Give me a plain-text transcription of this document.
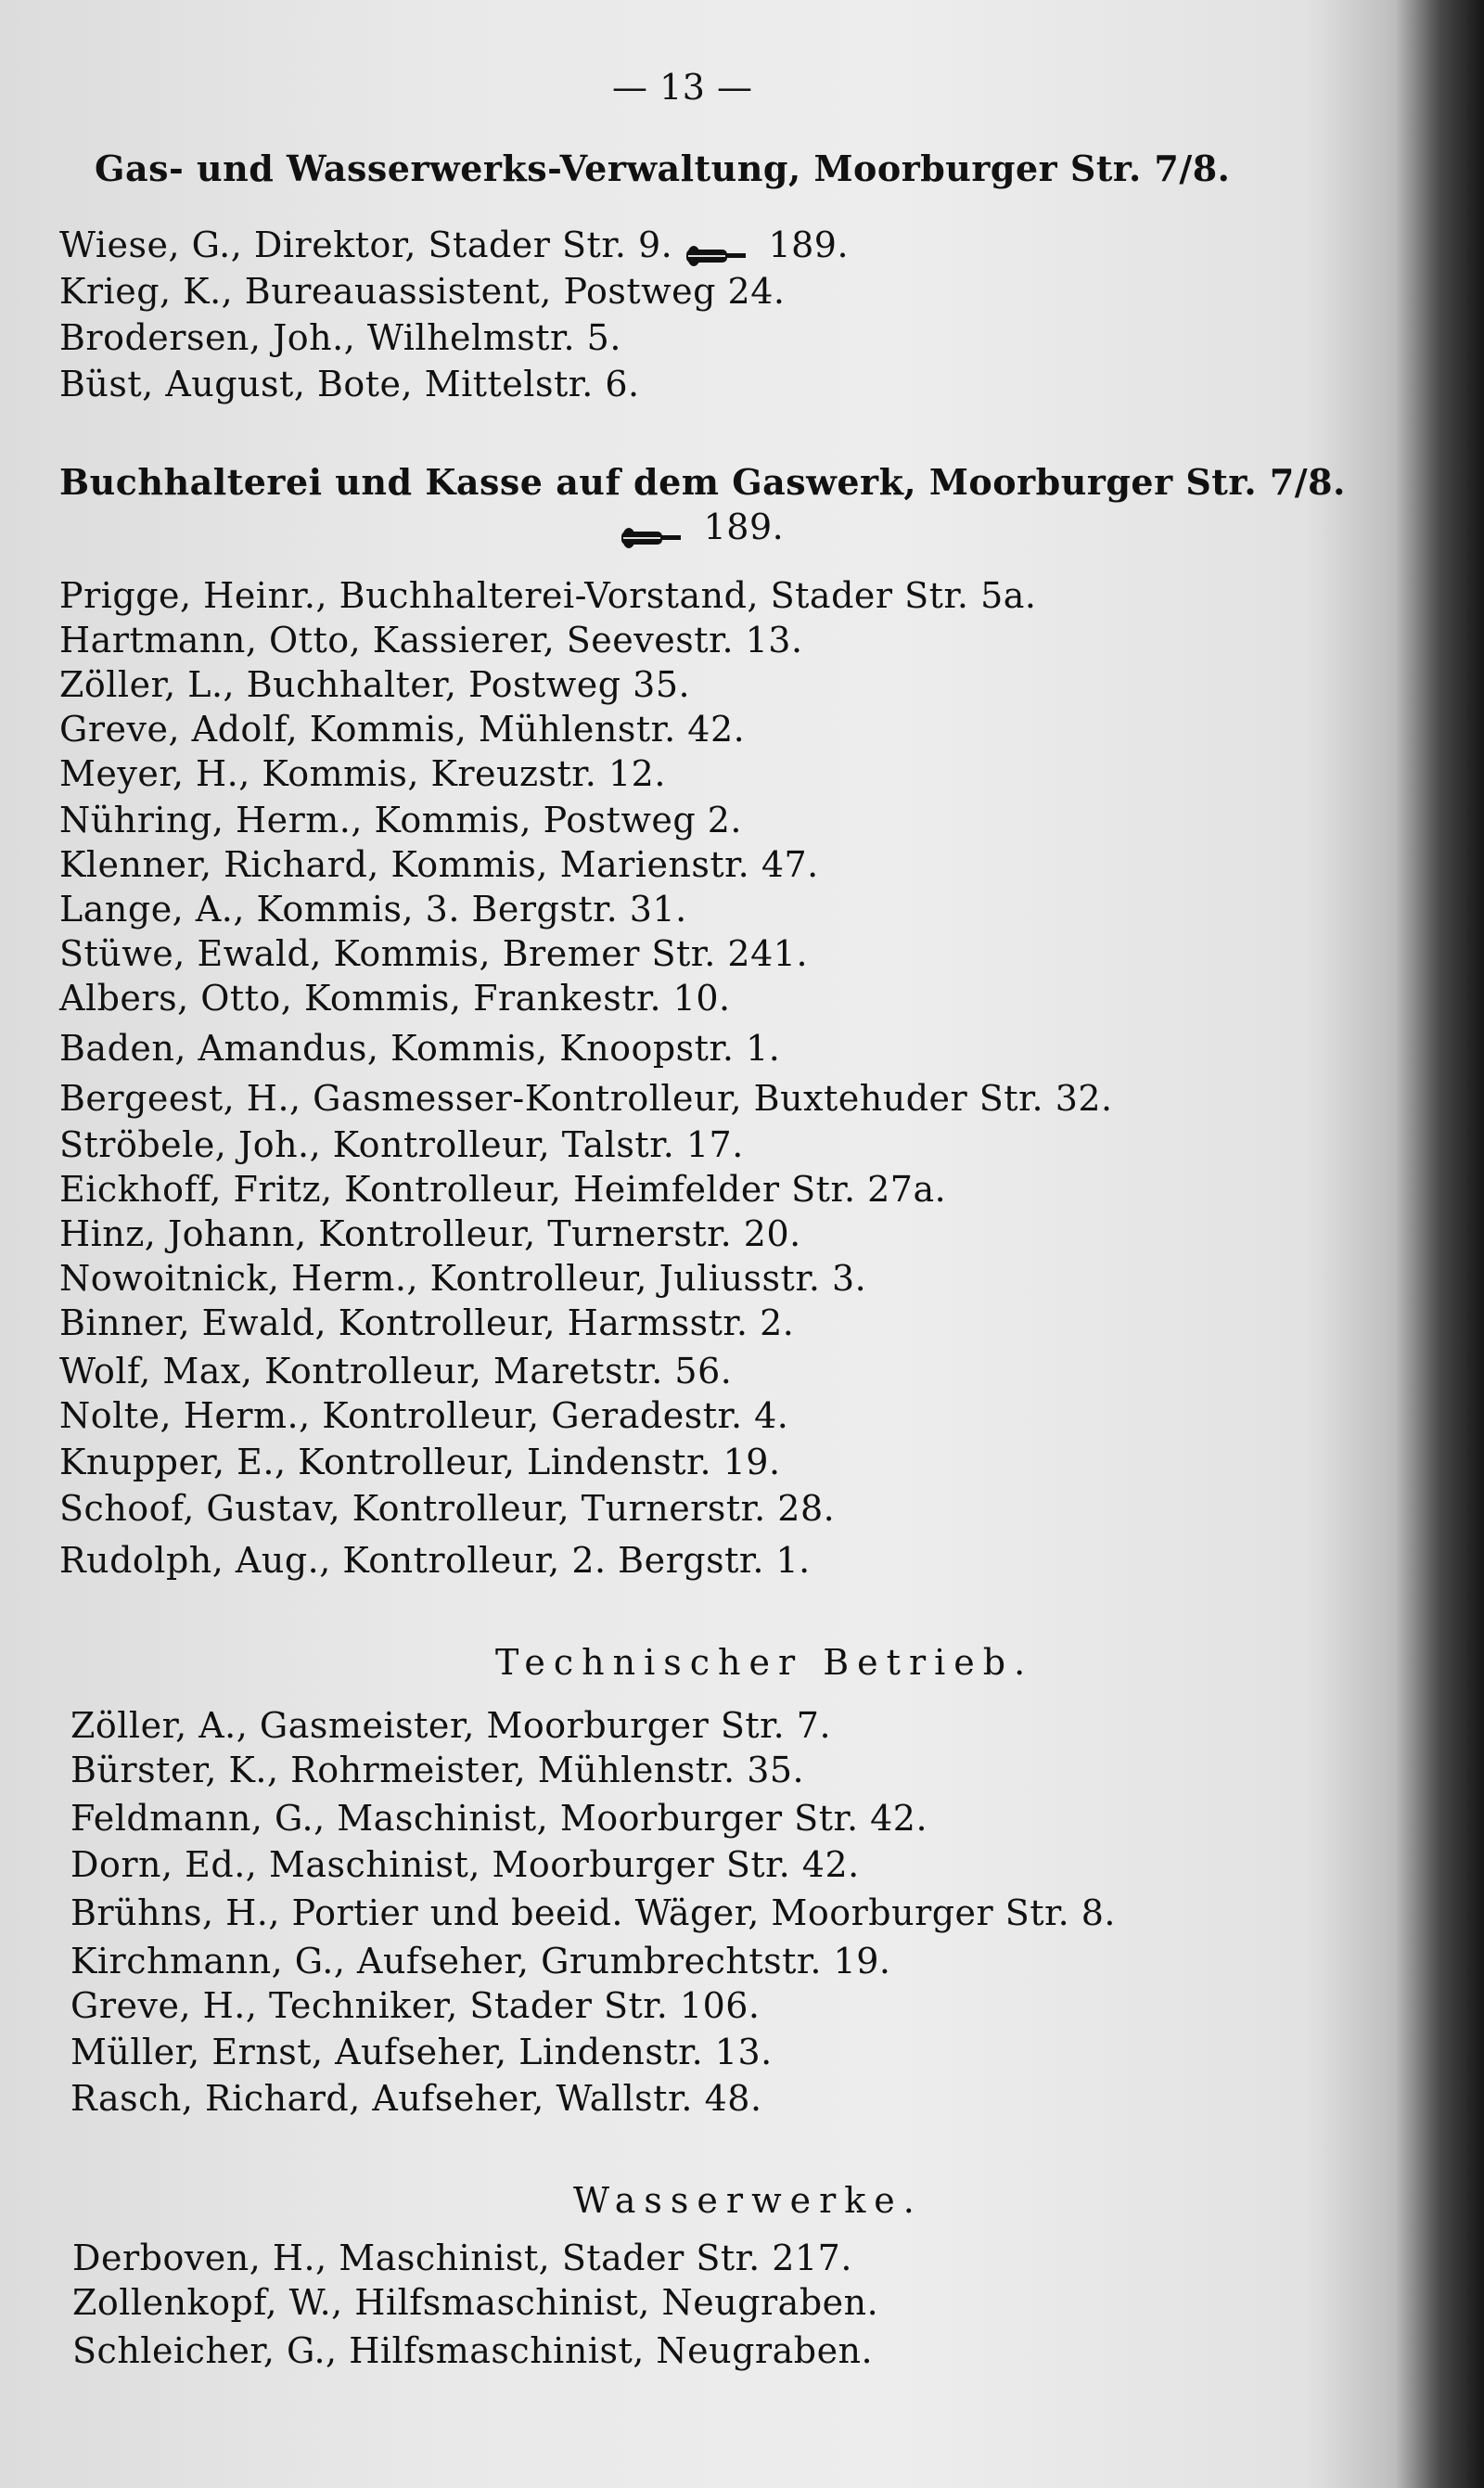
— 13 —
Gas- und Wasserwerks-Verwaltung, Moorburger Str. 7/8.
Wiese, G., Direktor, Stader Str. 9.	189.
Krieg, K., Bureauassistent, Postweg 24.
Brodersen, Joh., Wilhelmstr. 5.
Büst, August, Bote, Mittelstr. 6.
Buchhalterei und Kasse auf dem Gaswerk, Moorburger Str. 7/8.
189.
Prigge, Heinr., Buchhalterei-Vorstand, Stader Str. 5a.
Hartmann, Otto, Kassierer, Seevestr. 13.
Zöller, L., Buchhalter, Postweg 35.
Greve, Adolf, Kommis, Mühlenstr. 42.
Meyer, H., Kommis, Kreuzstr. 12.
Nühring, Herm., Kommis, Postweg 2.
Klenner, Richard, Kommis, Marienstr. 47.
Lange, A., Kommis, 3. Bergstr. 31.
Stüwe, Ewald, Kommis, Bremer Str. 241.
Albers, Otto, Kommis, Frankestr. 10.
Baden, Amandus, Kommis, Knoopstr. 1.
Bergeest, H., Gasmesser-Kontrolleur, Buxtehuder Str. 32.
Ströbele, Joh., Kontrolleur, Talstr. 17.
Eickhoff, Fritz, Kontrolleur, Heimfelder Str. 27a.
Hinz, Johann, Kontrolleur, Turnerstr. 20.
Nowoitnick, Herm., Kontrolleur, Juliusstr. 3.
Binner, Ewald, Kontrolleur, Harmsstr. 2.
Wolf, Max, Kontrolleur, Maretstr. 56.
Nolte, Herm., Kontrolleur, Geradestr. 4.
Knupper, E., Kontrolleur, Lindenstr. 19.
Schoof, Gustav, Kontrolleur, Turnerstr. 28.
Rudolph, Aug., Kontrolleur, 2. Bergstr. 1.
Technischer Betrieb.
Zöller, A., Gasmeister, Moorburger Str. 7.
Bürster, K., Rohrmeister, Mühlenstr. 35.
Feldmann, G., Maschinist, Moorburger Str. 42.
Dorn, Ed., Maschinist, Moorburger Str. 42.
Brühns, H., Portier und beeid. Wäger, Moorburger Str. 8.
Kirchmann, G., Aufseher, Grumbrechtstr. 19.
Greve, H., Techniker, Stader Str. 106.
Müller, Ernst, Aufseher, Lindenstr. 13.
Rasch, Richard, Aufseher, Wallstr. 48.
Wasserwerke.
Derboven, H., Maschinist, Stader Str. 217.
Zollenkopf, W., Hilfsmaschinist, Neugraben.
Schleicher, G., Hilfsmaschinist, Neugraben.
